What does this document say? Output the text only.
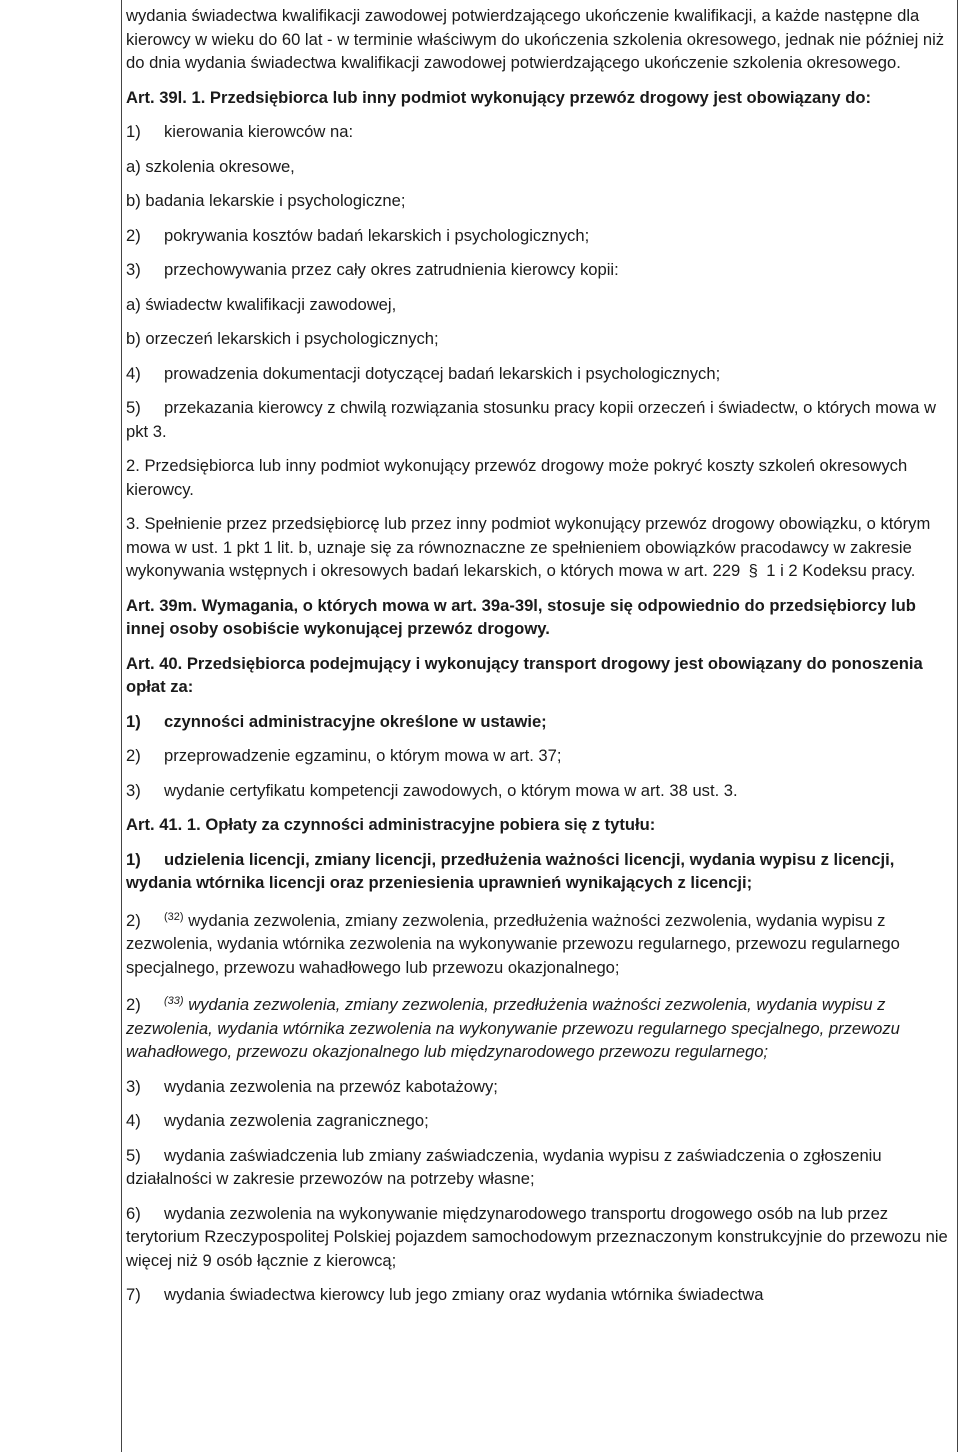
wydania świadectwa kwalifikacji zawodowej potwierdzającego ukończenie kwalifikacji, a każde następne dla kierowcy w wieku do 60 lat - w terminie właściwym do ukończenia szkolenia okresowego, jednak nie później niż do dnia wydania świadectwa kwalifikacji zawodowej potwierdzającego ukończenie szkolenia okresowego.

Art. 39l. 1. Przedsiębiorca lub inny podmiot wykonujący przewóz drogowy jest obowiązany do:

1) kierowania kierowców na:

a) szkolenia okresowe,

b) badania lekarskie i psychologiczne;

2) pokrywania kosztów badań lekarskich i psychologicznych;

3) przechowywania przez cały okres zatrudnienia kierowcy kopii:

a) świadectw kwalifikacji zawodowej,

b) orzeczeń lekarskich i psychologicznych;

4) prowadzenia dokumentacji dotyczącej badań lekarskich i psychologicznych;

5) przekazania kierowcy z chwilą rozwiązania stosunku pracy kopii orzeczeń i świadectw, o których mowa w pkt 3.

2. Przedsiębiorca lub inny podmiot wykonujący przewóz drogowy może pokryć koszty szkoleń okresowych kierowcy.

3. Spełnienie przez przedsiębiorcę lub przez inny podmiot wykonujący przewóz drogowy obowiązku, o którym mowa w ust. 1 pkt 1 lit. b, uznaje się za równoznaczne ze spełnieniem obowiązków pracodawcy w zakresie wykonywania wstępnych i okresowych badań lekarskich, o których mowa w art. 229 § 1 i 2 Kodeksu pracy.

Art. 39m. Wymagania, o których mowa w art. 39a-39l, stosuje się odpowiednio do przedsiębiorcy lub innej osoby osobiście wykonującej przewóz drogowy.

Art. 40. Przedsiębiorca podejmujący i wykonujący transport drogowy jest obowiązany do ponoszenia opłat za:

1) czynności administracyjne określone w ustawie;

2) przeprowadzenie egzaminu, o którym mowa w art. 37;

3) wydanie certyfikatu kompetencji zawodowych, o którym mowa w art. 38 ust. 3.

Art. 41. 1. Opłaty za czynności administracyjne pobiera się z tytułu:

1) udzielenia licencji, zmiany licencji, przedłużenia ważności licencji, wydania wypisu z licencji, wydania wtórnika licencji oraz przeniesienia uprawnień wynikających z licencji;

2) $^{(32)}$ wydania zezwolenia, zmiany zezwolenia, przedłużenia ważności zezwolenia, wydania wypisu z zezwolenia, wydania wtórnika zezwolenia na wykonywanie przewozu regularnego, przewozu regularnego specjalnego, przewozu wahadłowego lub przewozu okazjonalnego;

2) $^{(33)}$ wydania zezwolenia, zmiany zezwolenia, przedłużenia ważności zezwolenia, wydania wypisu z zezwolenia, wydania wtórnika zezwolenia na wykonywanie przewozu regularnego specjalnego, przewozu wahadłowego, przewozu okazjonalnego lub międzynarodowego przewozu regularnego;

3) wydania zezwolenia na przewóz kabotażowy;

4) wydania zezwolenia zagranicznego;

5) wydania zaświadczenia lub zmiany zaświadczenia, wydania wypisu z zaświadczenia o zgłoszeniu działalności w zakresie przewozów na potrzeby własne;

6) wydania zezwolenia na wykonywanie międzynarodowego transportu drogowego osób na lub przez terytorium Rzeczypospolitej Polskiej pojazdem samochodowym przeznaczonym konstrukcyjnie do przewozu nie więcej niż 9 osób łącznie z kierowcą;

7) wydania świadectwa kierowcy lub jego zmiany oraz wydania wtórnika świadectwa
